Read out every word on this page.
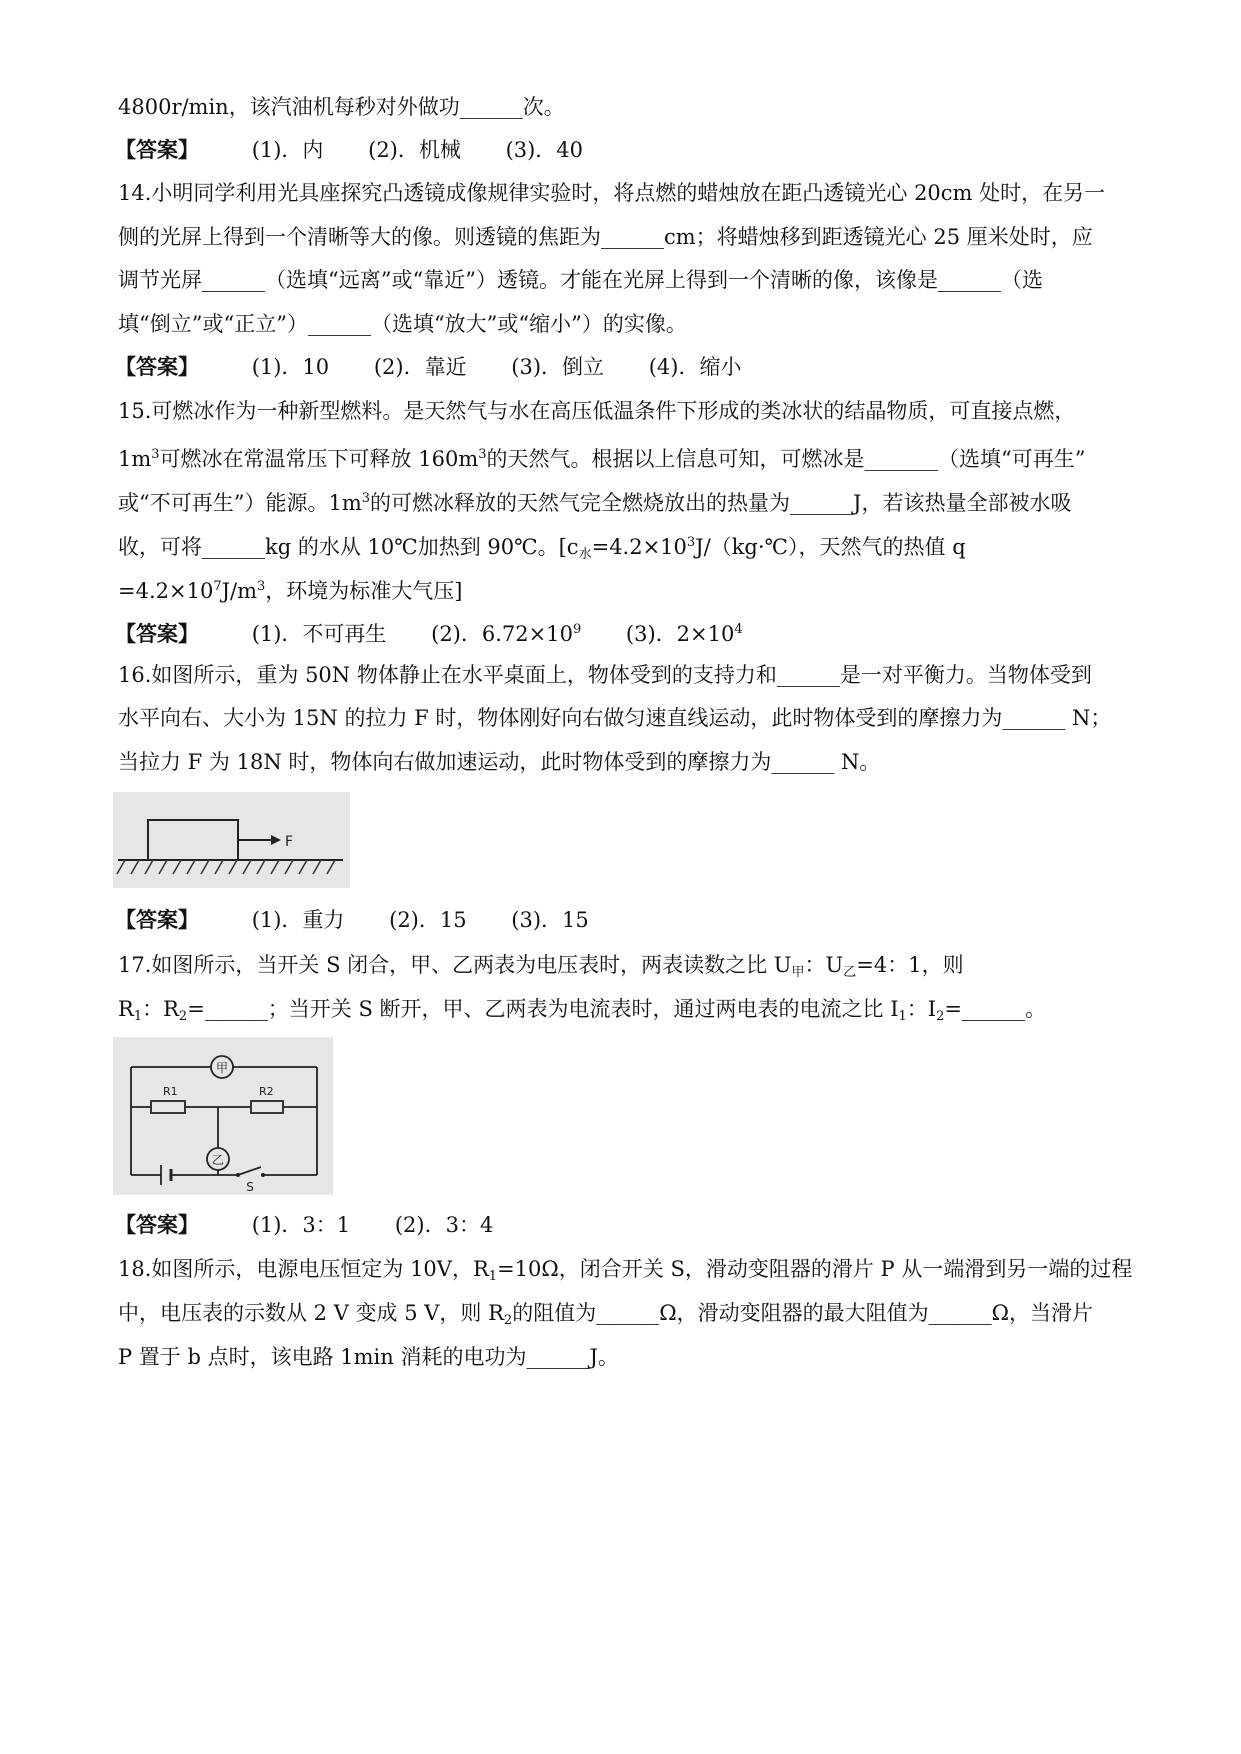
4800r/min，该汽油机每秒对外做功______次。
【答案】	(1)．内 (2)．机械 (3)．40
14.小明同学利用光具座探究凸透镜成像规律实验时，将点燃的蜡烛放在距凸透镜光心 20cm 处时，在另一
侧的光屏上得到一个清晰等大的像。则透镜的焦距为______cm；将蜡烛移到距透镜光心 25 厘米处时，应
调节光屏______（选填“远离”或“靠近”）透镜。才能在光屏上得到一个清晰的像，该像是______（选
填“倒立”或“正立”）______（选填“放大”或“缩小”）的实像。
【答案】	(1)．10 (2)．靠近 (3)．倒立 (4)．缩小
15.可燃冰作为一种新型燃料。是天然气与水在高压低温条件下形成的类冰状的结晶物质，可直接点燃，
$1m^3$可燃冰在常温常压下可释放 $160m^3$的天然气。根据以上信息可知，可燃冰是_______（选填“可再生”
或“不可再生”）能源。$1m^3$的可燃冰释放的天然气完全燃烧放出的热量为______J，若该热量全部被水吸
收，可将______kg 的水从 10℃加热到 90℃。[$c_水=4.2\times 10^3J/(kg\cdot℃)$，天然气的热值 q
$=4.2\times 10^7J/m^3$，环境为标准大气压]
【答案】	(1)．不可再生 (2)．$6.72\times 10^9$ (3)．$2\times 10^4$
16.如图所示，重为 50N 物体静止在水平桌面上，物体受到的支持力和______是一对平衡力。当物体受到
水平向右、大小为 15N 的拉力 F 时，物体刚好向右做匀速直线运动，此时物体受到的摩擦力为______ N；
当拉力 F 为 18N 时，物体向右做加速运动，此时物体受到的摩擦力为______ N。
F
【答案】	(1)．重力 (2)．15 (3)．15
17.如图所示，当开关 S 闭合，甲、乙两表为电压表时，两表读数之比 $U_甲$：$U_乙=4$：1，则
$R_1$：$R_2=\_\_\_\_\_\_$；当开关 S 断开，甲、乙两表为电流表时，通过两电表的电流之比 $I_1$：$I_2=\_\_\_\_\_\_$。
甲
R1	R2
乙
S
【答案】	(1)．3：1 (2)．3：4
18.如图所示，电源电压恒定为 10V，$R_1=10\Omega$，闭合开关 S，滑动变阻器的滑片 P 从一端滑到另一端的过程
中，电压表的示数从 2 V 变成 5 V，则 $R_2$的阻值为______Ω，滑动变阻器的最大阻值为______Ω，当滑片
P 置于 b 点时，该电路 1min 消耗的电功为______J。
